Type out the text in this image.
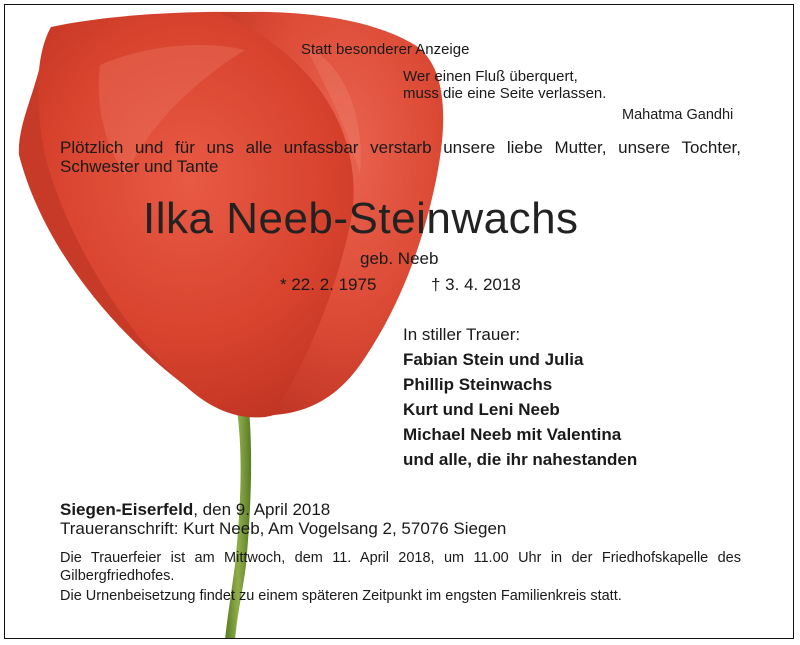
Statt besonderer Anzeige
Wer einen Fluß überquert,
muss die eine Seite verlassen.
Mahatma Gandhi
Plötzlich und für uns alle unfassbar verstarb unsere liebe Mutter, unsere Tochter, Schwester und Tante
Ilka Neeb-Steinwachs
geb. Neeb
* 22. 2. 1975	† 3. 4. 2018
In stiller Trauer:
Fabian Stein und Julia
Phillip Steinwachs
Kurt und Leni Neeb
Michael Neeb mit Valentina
und alle, die ihr nahestanden
Siegen-Eiserfeld, den 9. April 2018
Traueranschrift: Kurt Neeb, Am Vogelsang 2, 57076 Siegen
Die Trauerfeier ist am Mittwoch, dem 11. April 2018, um 11.00 Uhr in der Friedhofskapelle des Gilbergfriedhofes.
Die Urnenbeisetzung findet zu einem späteren Zeitpunkt im engsten Familienkreis statt.
